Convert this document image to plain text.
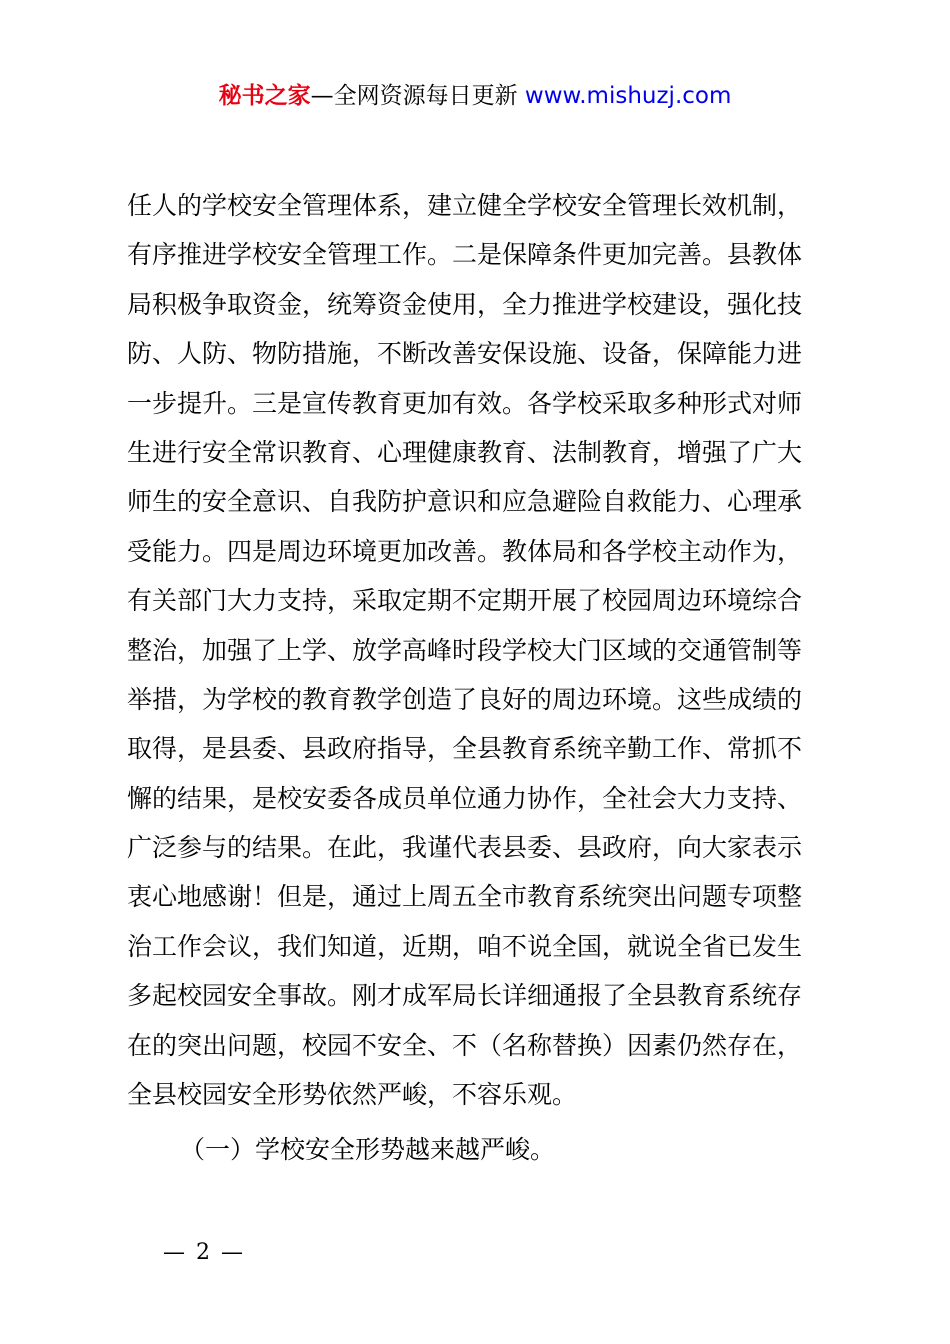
秘书之家—全网资源每日更新 www.mishuzj.com
任人的学校安全管理体系，建立健全学校安全管理长效机制，
有序推进学校安全管理工作。二是保障条件更加完善。县教体
局积极争取资金，统筹资金使用，全力推进学校建设，强化技
防、人防、物防措施，不断改善安保设施、设备，保障能力进
一步提升。三是宣传教育更加有效。各学校采取多种形式对师
生进行安全常识教育、心理健康教育、法制教育，增强了广大
师生的安全意识、自我防护意识和应急避险自救能力、心理承
受能力。四是周边环境更加改善。教体局和各学校主动作为，
有关部门大力支持，采取定期不定期开展了校园周边环境综合
整治，加强了上学、放学高峰时段学校大门区域的交通管制等
举措，为学校的教育教学创造了良好的周边环境。这些成绩的
取得，是县委、县政府指导，全县教育系统辛勤工作、常抓不
懈的结果，是校安委各成员单位通力协作，全社会大力支持、
广泛参与的结果。在此，我谨代表县委、县政府，向大家表示
衷心地感谢！但是，通过上周五全市教育系统突出问题专项整
治工作会议，我们知道，近期，咱不说全国，就说全省已发生
多起校园安全事故。刚才成军局长详细通报了全县教育系统存
在的突出问题，校园不安全、不（名称替换）因素仍然存在，
全县校园安全形势依然严峻，不容乐观。
（一）学校安全形势越来越严峻。
— 2 —
